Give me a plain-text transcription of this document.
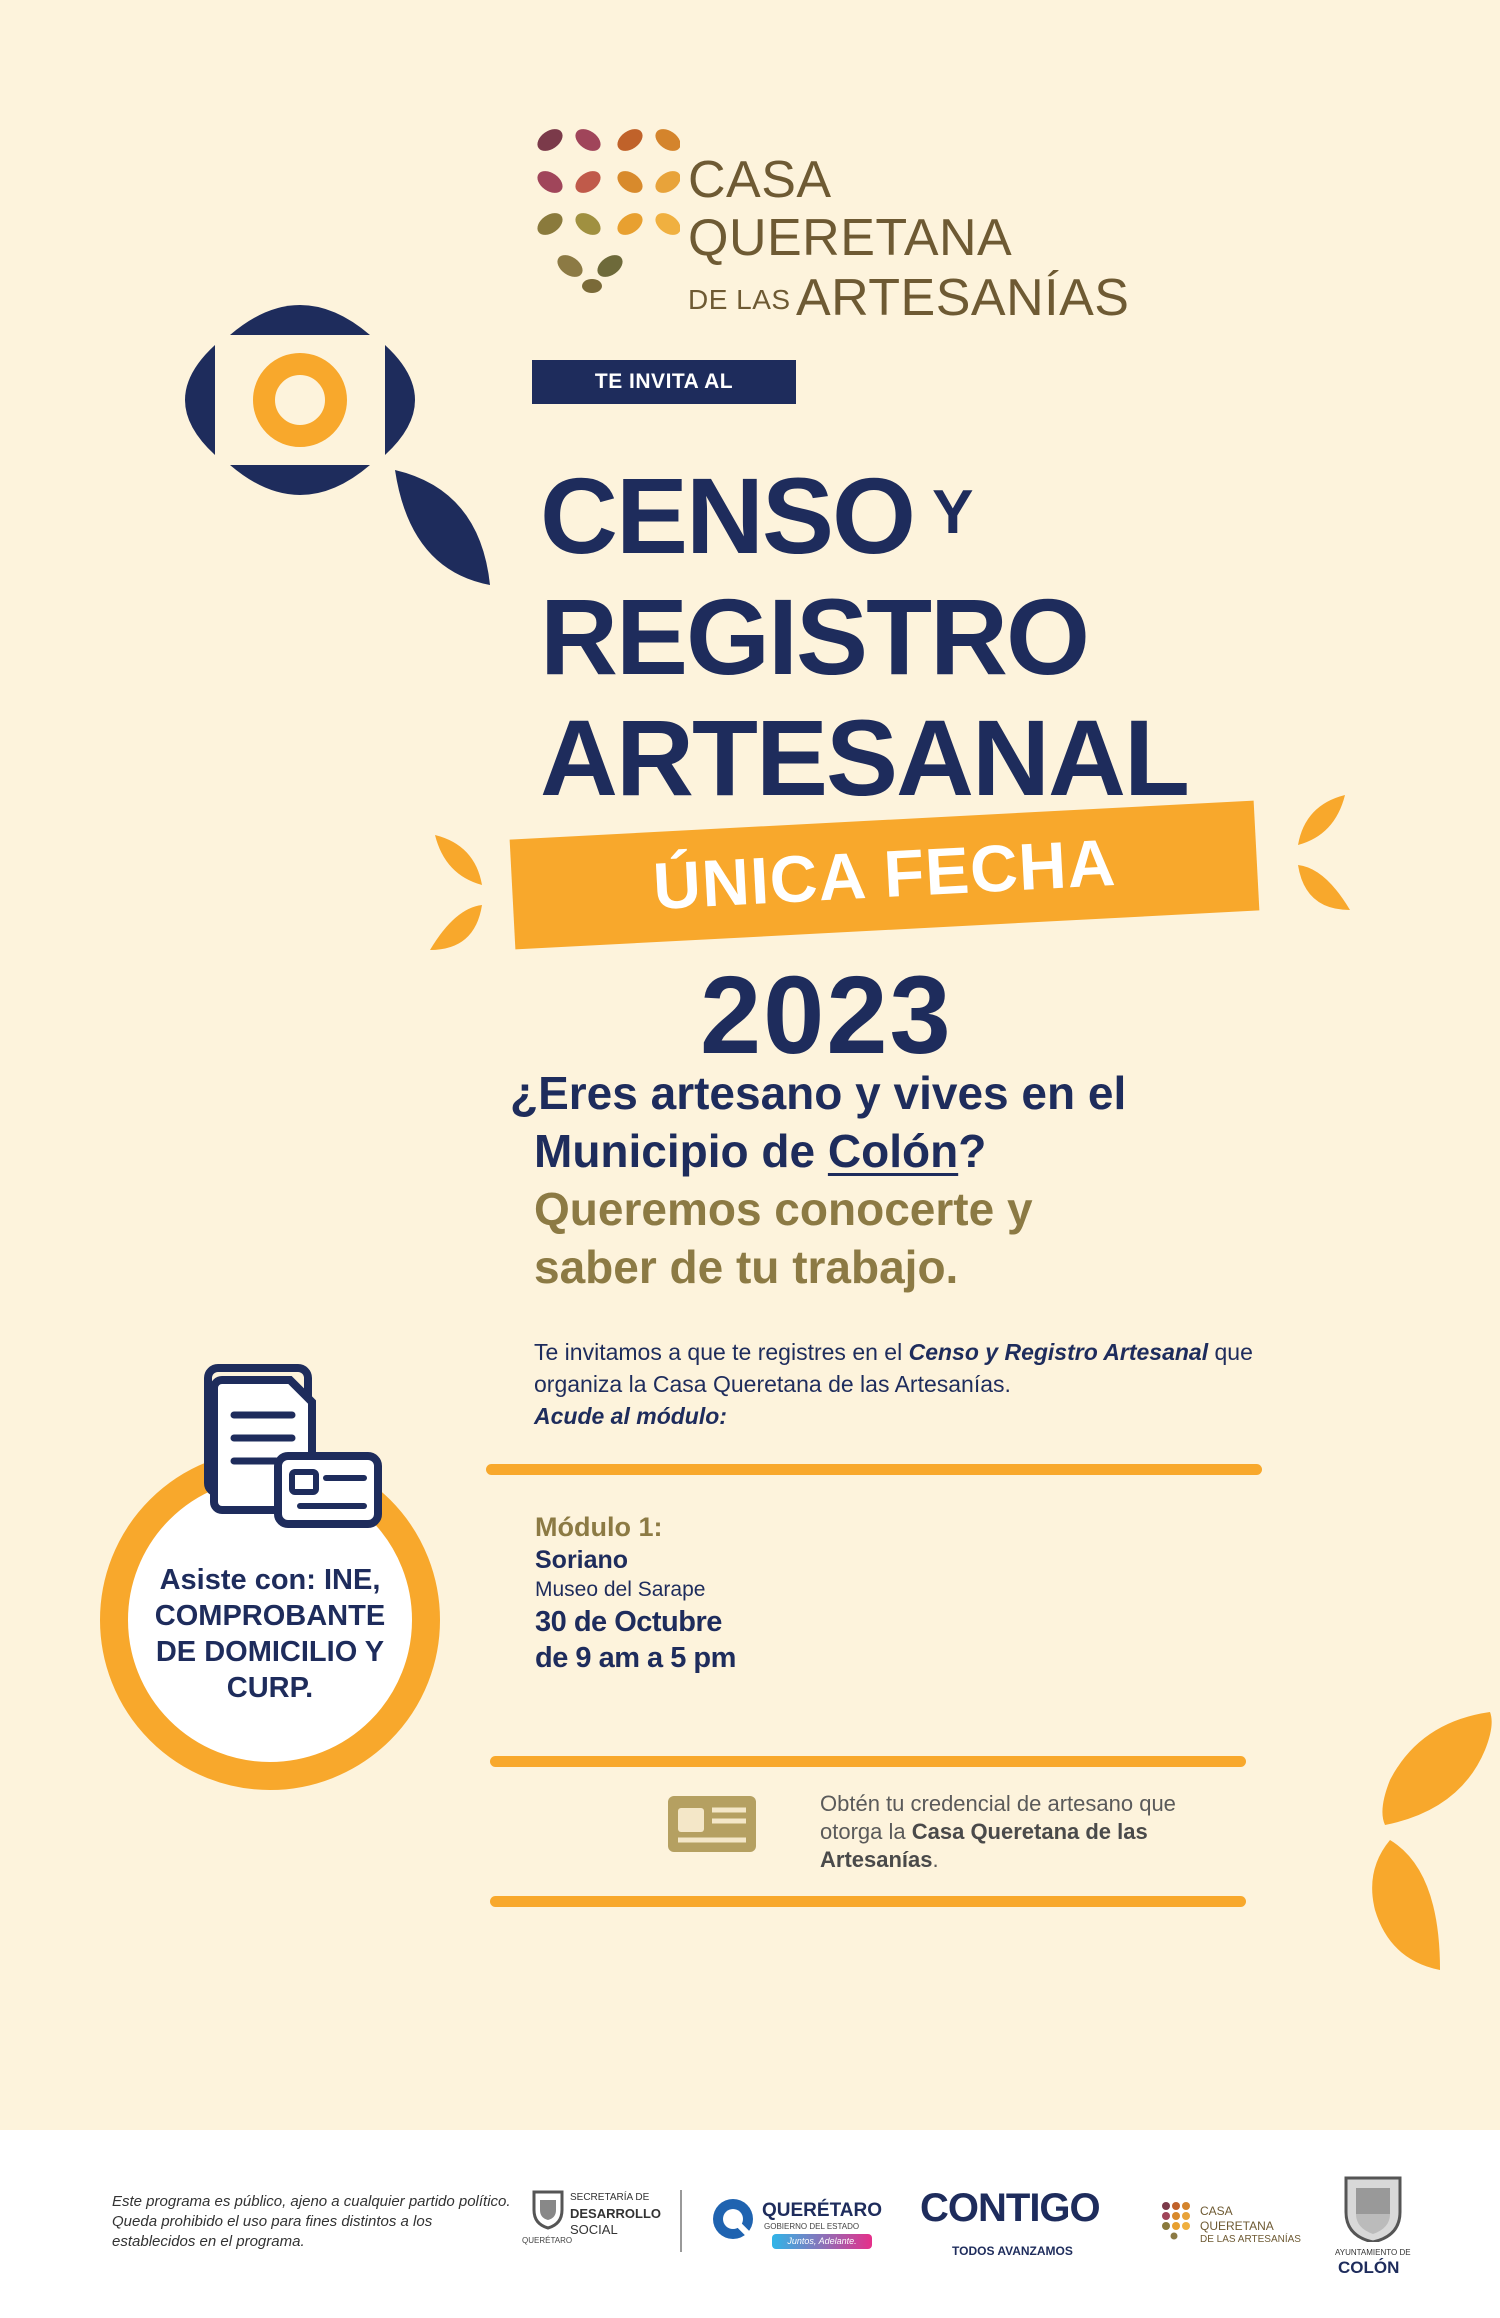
CASA
QUERETANA
DE LAS ARTESANÍAS
TE INVITA AL
CENSO Y
REGISTRO
ARTESANAL
ÚNICA FECHA
2023
¿Eres artesano y vives en el
Municipio de Colón?
Queremos conocerte y
saber de tu trabajo.
Te invitamos a que te registres en el Censo y Registro Artesanal que organiza la Casa Queretana de las Artesanías.
Acude al módulo:
Módulo 1:
Soriano
Museo del Sarape
30 de Octubre
de 9 am a 5 pm
Asiste con: INE,
COMPROBANTE
DE DOMICILIO Y
CURP.
Obtén tu credencial de artesano que otorga la Casa Queretana de las Artesanías.
Este programa es público, ajeno a cualquier partido político. Queda prohibido el uso para fines distintos a los establecidos en el programa.	QUERÉTARO
SECRETARÍA DE
DESARROLLO
SOCIAL
QUERÉTARO
GOBIERNO DEL ESTADO
Juntos, Adelante.
CONTIGO
TODOS AVANZAMOS
CASA
QUERETANA
DE LAS ARTESANÍAS
AYUNTAMIENTO DE
COLÓN
